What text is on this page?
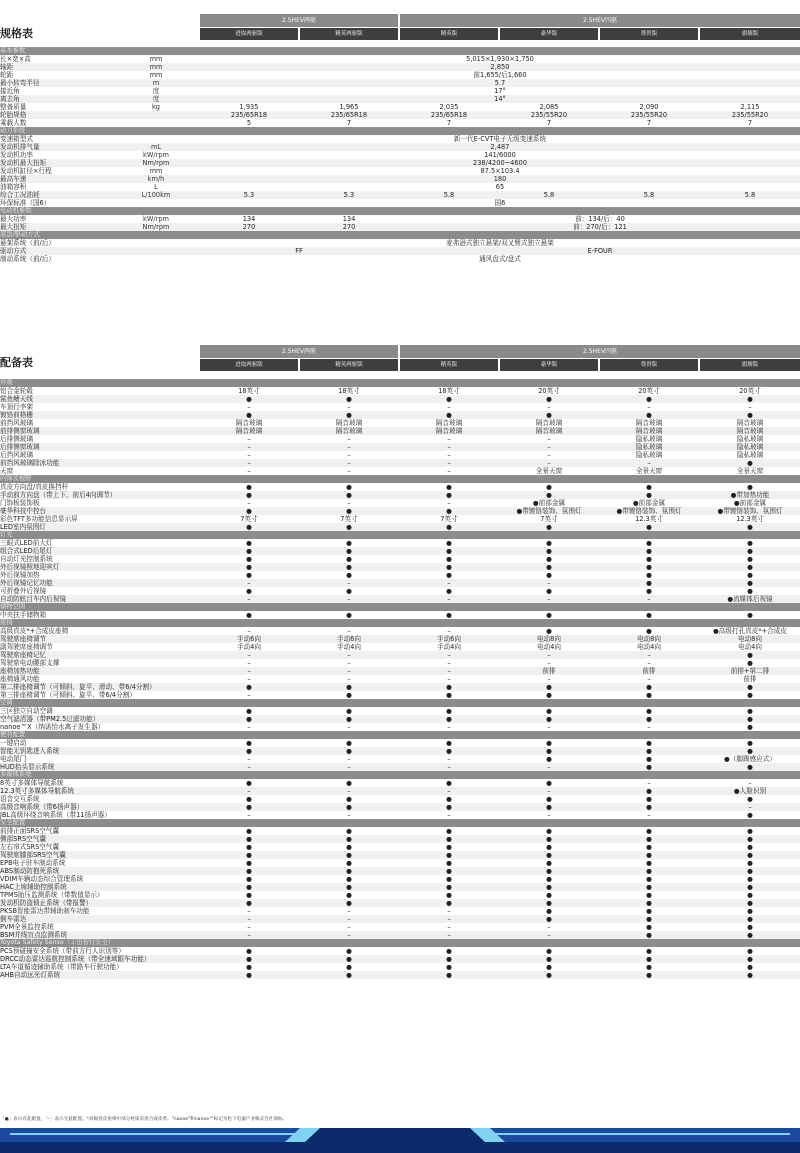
规格表
2.5HEV两驱	2.5HEV四驱
进取两驱版	精英两驱版	精英版	豪华版	尊贵版	旗舰版
基本参数
长×宽×高	mm	5,015×1,930×1,750
轴距	mm	2,850
轮距	mm	前1,655/后1,660
最小转弯半径	m	5.7
接近角	度	17°
离去角	度	14°
整备质量	kg	1,935	1,965	2,035	2,085	2,090	2,115
轮胎规格	235/65R18	235/65R18	235/65R18	235/55R20	235/55R20	235/55R20
乘载人数	5	7	7	7	7	7
动力系统
变速箱型式	新一代E-CVT电子无级变速系统
发动机排气量	mL	2,487
发动机功率	kW/rpm	141/6000
发动机最大扭矩	Nm/rpm	238/4200~4600
发动机缸径×行程	mm	87.5×103.4
最高车速	km/h	180
油箱容积	L	65
综合工况油耗	L/100km	5.3	5.3	5.8	5.8	5.8	5.8
环保标准（国6）	国6
电动机参数
最大功率	kW/rpm	134	134	前：134/后：40
最大扭矩	Nm/rpm	270	270	前：270/后：121
底盘/驱动方式
悬架系统（前/后）	麦弗逊式独立悬架/双叉臂式独立悬架
驱动方式	FF	E-FOUR
制动系统（前/后）	通风盘式/盘式
配备表
2.5HEV两驱	2.5HEV四驱
进取两驱版	精英两驱版	精英版	豪华版	尊贵版	旗舰版
外观
铝合金轮毂	18英寸	18英寸	18英寸	20英寸	20英寸	20英寸
鲨鱼鳍天线	●	●	●	●	●	●
车顶行李架	–	–	–	–	–	–
镀铬前格栅	●	●	●	●	●	●
前挡风玻璃	隔音玻璃	隔音玻璃	隔音玻璃	隔音玻璃	隔音玻璃	隔音玻璃
前排侧窗玻璃	隔音玻璃	隔音玻璃	隔音玻璃	隔音玻璃	隔音玻璃	隔音玻璃
后排侧玻璃	–	–	–	–	隐私玻璃	隐私玻璃
后排侧窗玻璃	–	–	–	–	隐私玻璃	隐私玻璃
后挡风玻璃	–	–	–	–	隐私玻璃	隐私玻璃
前挡风玻璃除冰功能	–	–	–	–	–	●
天窗	–	–	–	全景天窗	全景天窗	全景天窗
内饰及视野
真皮方向盘/真皮换挡杆	●	●	●	●	●	●
手动前方向盘（带上下、前后4向调节）	●	●	●	●	●	●带加热功能
门饰板装饰板	–	–	–	●前部金属	●前部金属	●前部金属
豪华科技中控台	●	●	●	●带镀铬装饰、氛围灯	●带镀铬装饰、氛围灯	●带镀铬装饰、氛围灯
彩色TFT多功能信息显示屏	7英寸	7英寸	7英寸	7英寸	12.3英寸	12.3英寸
LED室内氛围灯	●	●	●	●	●	●
灯光
三眼式LED前大灯	●	●	●	●	●	●
组合式LED后尾灯	●	●	●	●	●	●
自动灯光控制系统	●	●	●	●	●	●
外后视镜照地迎宾灯	●	●	●	●	●	●
外后视镜加热	●	●	●	●	●	●
外后视镜记忆功能	–	–	–	–	●	●
可折叠外后视镜	●	●	●	●	●	●
自动防眩目车内后视镜	–	–	–	–	–	●流媒体后视镜
储物空间
中央扶手储物箱	●	●	●	●	●	●
座椅
高级真皮*+合成皮座椅	–	–	–	●	●	●高级打孔真皮*+合成皮
驾驶席座椅调节	手动6向	手动6向	手动6向	电动8向	电动8向	电动8向
副驾驶席座椅调节	手动4向	手动4向	手动4向	电动4向	电动4向	电动4向
驾驶席座椅记忆	–	–	–	–	–	●
驾驶席电动腰部支撑	–	–	–	–	–	●
座椅加热功能	–	–	–	前排	前排	前排+第二排
座椅通风功能	–	–	–	–	–	前排
第二排座椅调节（可倾斜、旋平、滑动、带6/4分割）	●	●	●	●	●	●
第三排座椅调节（可倾斜、旋平、带6/4分割）	–	●	●	●	●	●
空调
三区独立自动空调	●	●	●	●	●	●
空气滤清器（带PM2.5过滤功能）	●	●	●	●	●	●
nanoe™X（纳诺怡水离子发生器）	–	–	–	–	–	●
便利配置
一键启动	●	●	●	●	●	●
智能无钥匙进入系统	●	●	●	●	●	●
电动尾门	–	–	–	●	●	●（脚踢感应式）
HUD抬头显示系统	–	–	–	–	●	●
多媒体系统
8英寸多媒体导航系统	●	●	●	●	–	–
12.3英寸多媒体导航系统	–	–	–	–	●	●人脸识别
语音交互系统	●	●	●	●	●	●
高级音响系统（带6扬声器）	●	●	●	●	●	–
JBL高级环绕音响系统（带11扬声器）	–	–	–	–	–	●
安全配置
前排正面SRS空气囊	●	●	●	●	●	●
侧部SRS空气囊	●	●	●	●	●	●
左右帘式SRS空气囊	●	●	●	●	●	●
驾驶席膝部SRS空气囊	●	●	●	●	●	●
EPB电子驻车制动系统	●	●	●	●	●	●
ABS制动防抱死系统	●	●	●	●	●	●
VDIM车辆动态综合管理系统	●	●	●	●	●	●
HAC上坡辅助控制系统	●	●	●	●	●	●
TPMS胎压监测系统（带数值显示）	●	●	●	●	●	●
发动机防盗锁止系统（带报警）	●	●	●	●	●	●
PKSB智能雷达带辅助刹车功能	–	–	–	●	●	●
倒车雷达	–	–	–	●	●	●
PVM全景监控系统	–	–	–	–	●	●
BSM并线盲点监测系统	–	–	–	–	●	●
Toyota Safety Sense（丰田智行安全）
PCS预碰撞安全系统（带前方行人识别等）	●	●	●	●	●	●
DRCC动态雷达巡航控制系统（带全速域跟车功能）	●	●	●	●	●	●
LTA车道循迹辅助系统（带路车行驶功能）	●	●	●	●	●	●
AHB自动远光灯系统	●	●	●	●	●	●
「●」表示有此配置，「–」表示无此配置。*高级真皮座椅中部分材质采用合成皮革。"nanoe"和nanoe™标记为松下电器产业株式会社商标。
